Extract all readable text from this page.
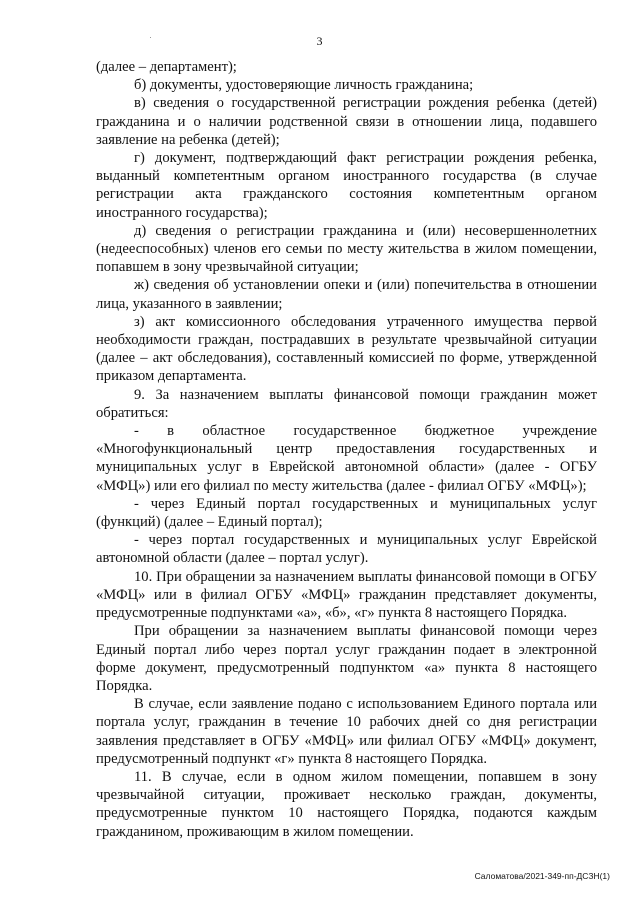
3

(далее – департамент);

б) документы, удостоверяющие личность гражданина;

в) сведения о государственной регистрации рождения ребенка (детей) гражданина и о наличии родственной связи в отношении лица, подавшего заявление на ребенка (детей);

г) документ, подтверждающий факт регистрации рождения ребенка, выданный компетентным органом иностранного государства (в случае регистрации акта гражданского состояния компетентным органом иностранного государства);

д) сведения о регистрации гражданина и (или) несовершеннолетних (недееспособных) членов его семьи по месту жительства в жилом помещении, попавшем в зону чрезвычайной ситуации;

ж) сведения об установлении опеки и (или) попечительства в отношении лица, указанного в заявлении;

з) акт комиссионного обследования утраченного имущества первой необходимости граждан, пострадавших в результате чрезвычайной ситуации (далее – акт обследования), составленный комиссией по форме, утвержденной приказом департамента.

9. За назначением выплаты финансовой помощи гражданин может обратиться:

- в областное государственное бюджетное учреждение «Многофункциональный центр предоставления государственных и муниципальных услуг в Еврейской автономной области» (далее - ОГБУ «МФЦ») или его филиал по месту жительства (далее - филиал ОГБУ «МФЦ»);

- через Единый портал государственных и муниципальных услуг (функций) (далее – Единый портал);

- через портал государственных и муниципальных услуг Еврейской автономной области (далее – портал услуг).

10. При обращении за назначением выплаты финансовой помощи в ОГБУ «МФЦ» или в филиал ОГБУ «МФЦ» гражданин представляет документы, предусмотренные подпунктами «а», «б», «г» пункта 8 настоящего Порядка.

При обращении за назначением выплаты финансовой помощи через Единый портал либо через портал услуг гражданин подает в электронной форме документ, предусмотренный подпунктом «а» пункта 8 настоящего Порядка.

В случае, если заявление подано с использованием Единого портала или портала услуг, гражданин в течение 10 рабочих дней со дня регистрации заявления представляет в ОГБУ «МФЦ» или филиал ОГБУ «МФЦ» документ, предусмотренный подпункт «г» пункта 8 настоящего Порядка.

11. В случае, если в одном жилом помещении, попавшем в зону чрезвычайной ситуации, проживает несколько граждан, документы, предусмотренные пунктом 10 настоящего Порядка, подаются каждым гражданином, проживающим в жилом помещении.

Саломатова/2021-349-пп-ДСЗН(1)
